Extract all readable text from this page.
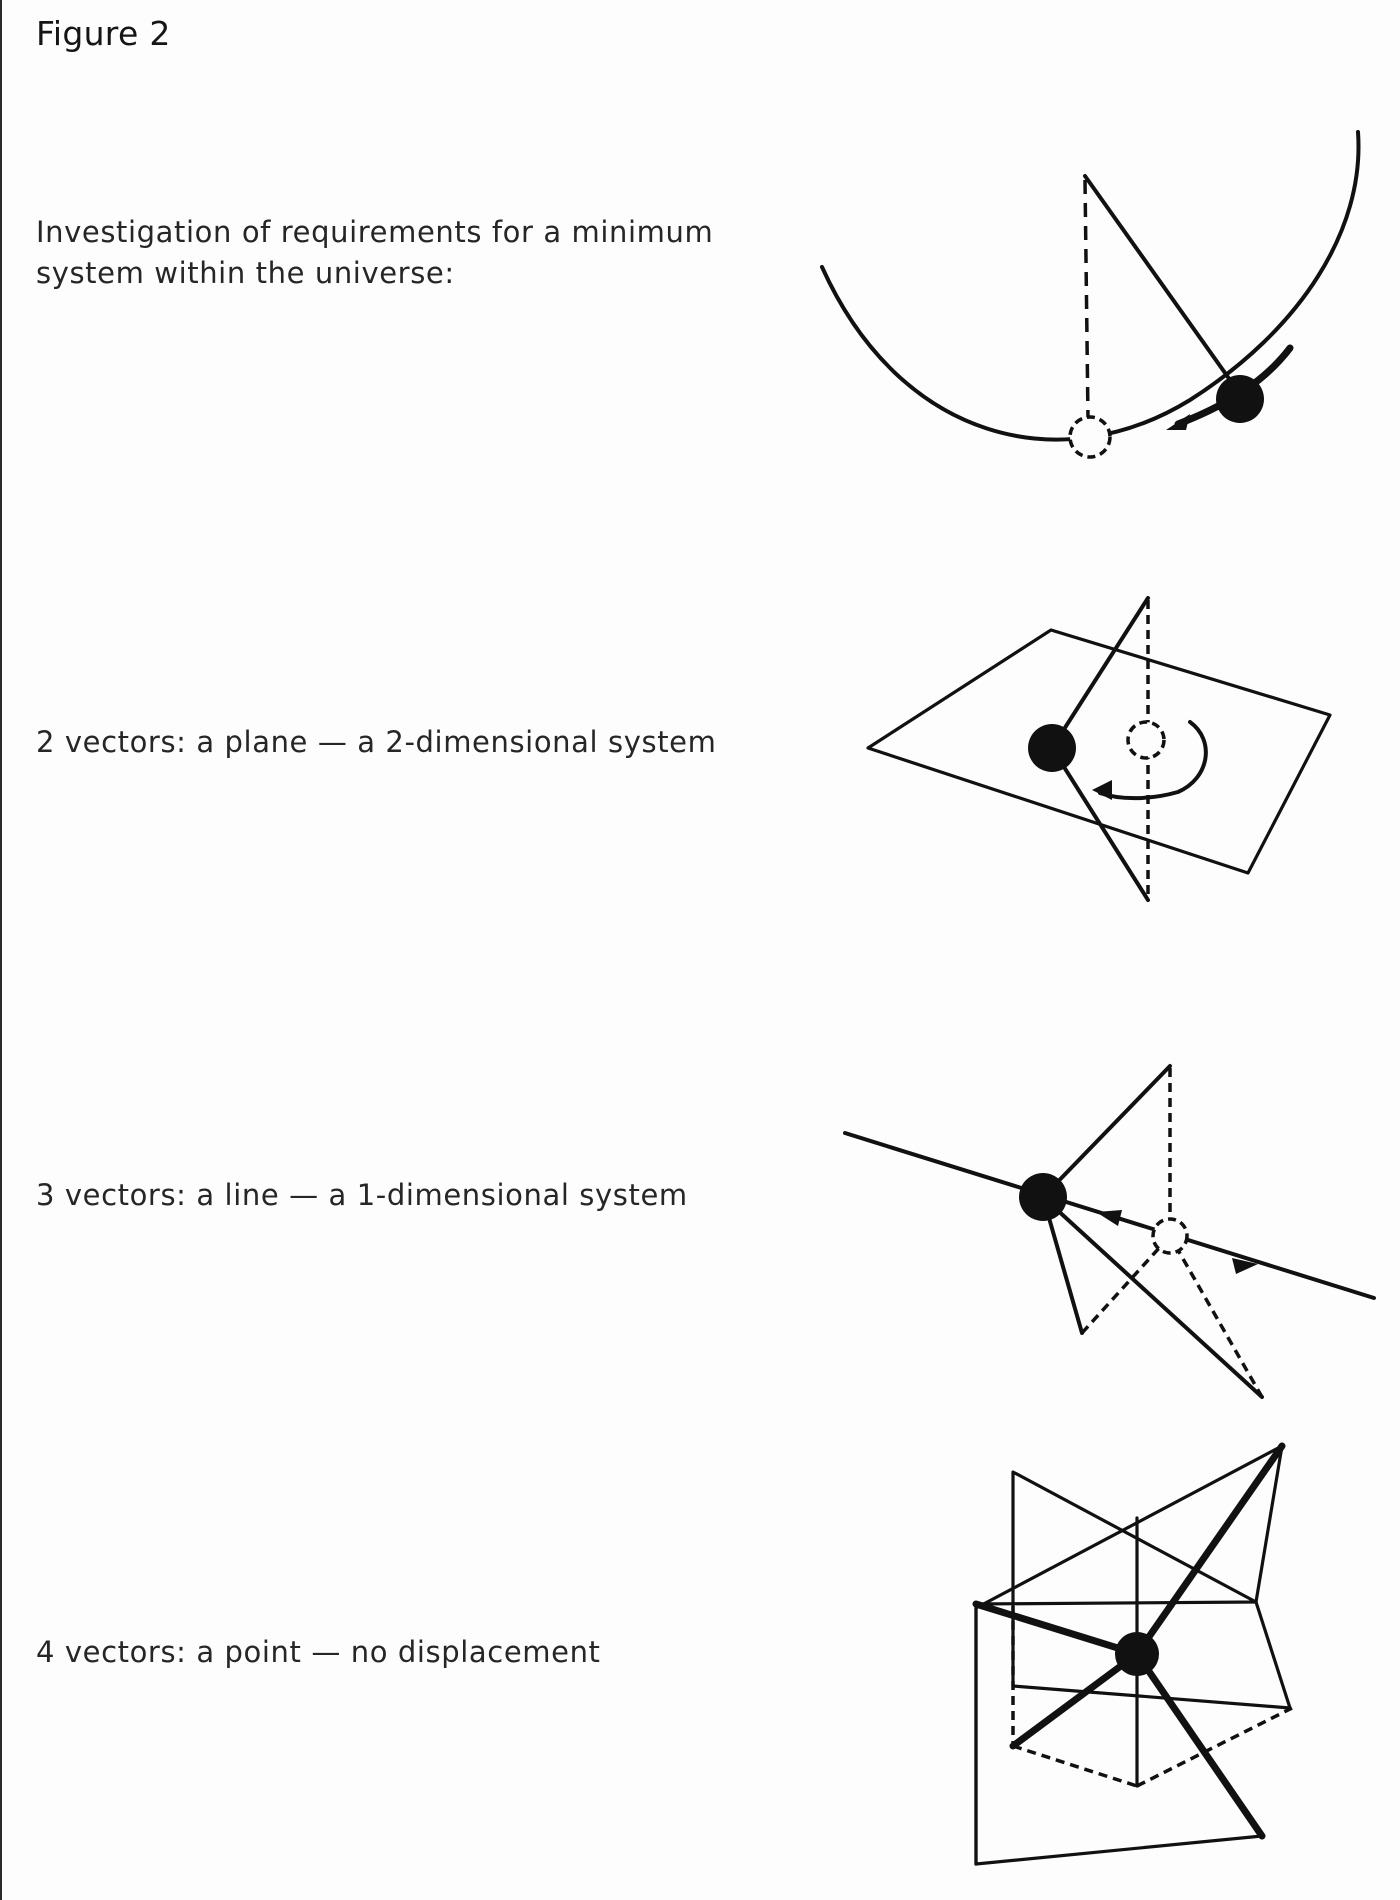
Figure 2
Investigation of requirements for a minimum
system within the universe:
2 vectors: a plane — a 2-dimensional system
3 vectors: a line — a 1-dimensional system
4 vectors: a point — no displacement
